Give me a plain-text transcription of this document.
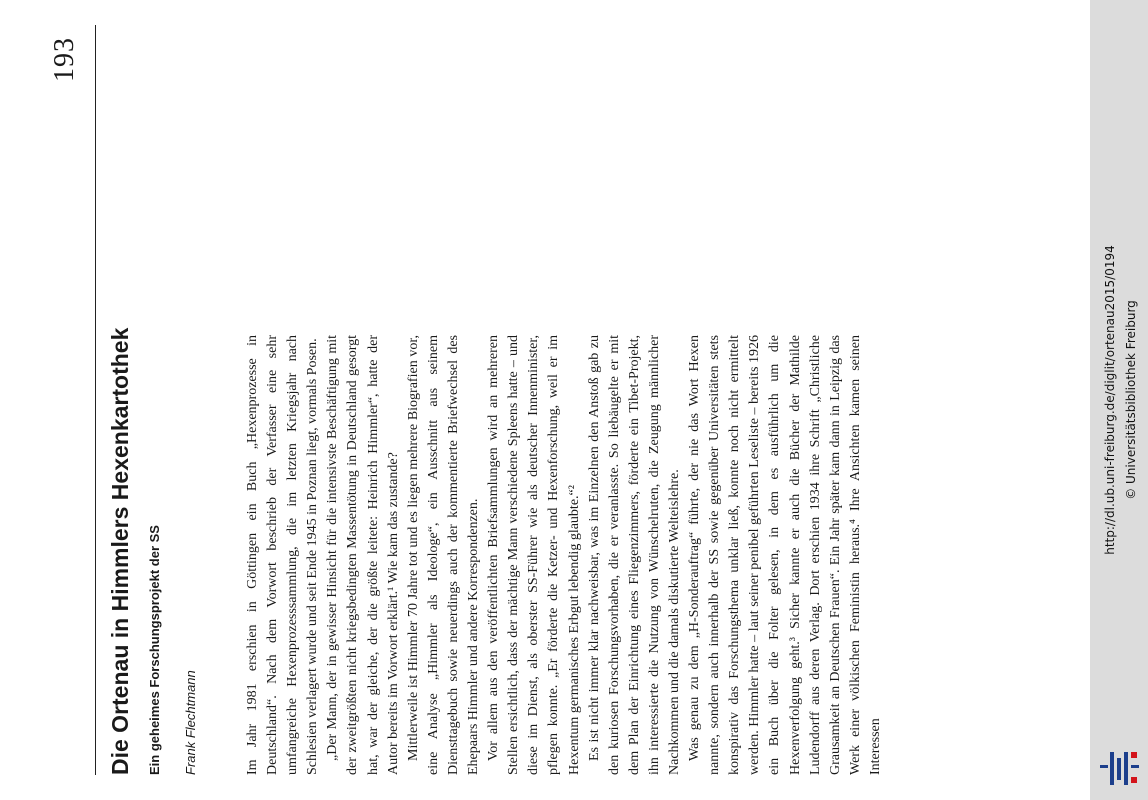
193
Die Ortenau in Himmlers Hexenkartothek Ein geheimes Forschungsprojekt der SS Frank Flechtmann	Im Jahr 1981 erschien in Göttingen ein Buch „Hexenprozesse in Deutschland“. Nach dem Vorwort beschrieb der Verfasser eine sehr umfangreiche Hexenprozesssammlung, die im letzten Kriegsjahr nach Schlesien verlagert wurde und seit Ende 1945 in Poznan liegt, vormals Posen. „Der Mann, der in gewisser Hinsicht für die intensivste Beschäftigung mit der zweitgrößten nicht kriegsbedingten Massentötung in Deutschland gesorgt hat, war der gleiche, der die größte leitete: Heinrich Himmler“, hatte der Autor bereits im Vorwort erklärt.¹ Wie kam das zustande? Mittlerweile ist Himmler 70 Jahre tot und es liegen mehrere Biografien vor, eine Analyse „Himmler als Ideologe“, ein Ausschnitt aus seinem Diensttagebuch sowie neuerdings auch der kommentierte Briefwechsel des Ehepaars Himmler und andere Korrespondenzen. Vor allem aus den veröffentlichten Briefsammlungen wird an mehreren Stellen ersichtlich, dass der mächtige Mann verschiedene Spleens hatte – und diese im Dienst, als oberster SS-Führer wie als deutscher Innenminister, pflegen konnte. „Er förderte die Ketzer- und Hexenforschung, weil er im Hexentum germanisches Erbgut lebendig glaubte.“² Es ist nicht immer klar nachweisbar, was im Einzelnen den Anstoß gab zu den kuriosen Forschungsvorhaben, die er veranlasste. So liebäugelte er mit dem Plan der Einrichtung eines Fliegenzimmers, förderte ein Tibet-Projekt, ihn interessierte die Nutzung von Wünschelruten, die Zeugung männlicher Nachkommen und die damals diskutierte Welteislehre. Was genau zu dem „H-Sonderauftrag“ führte, der nie das Wort Hexen nannte, sondern auch innerhalb der SS sowie gegenüber Universitäten stets konspirativ das Forschungsthema unklar ließ, konnte noch nicht ermittelt werden. Himmler hatte – laut seiner penibel geführten Leseliste – bereits 1926 ein Buch über die Folter gelesen, in dem es ausführlich um die Hexenverfolgung geht.³ Sicher kannte er auch die Bücher der Mathilde Ludendorff aus deren Verlag. Dort erschien 1934 ihre Schrift „Christliche Grausamkeit an Deutschen Frauen“. Ein Jahr später kam dann in Leipzig das Werk einer völkischen Feministin heraus.⁴ Ihre Ansichten kamen seinen Interessen

http://dl.ub.uni-freiburg.de/diglit/ortenau2015/0194 © Universitätsbibliothek Freiburg
